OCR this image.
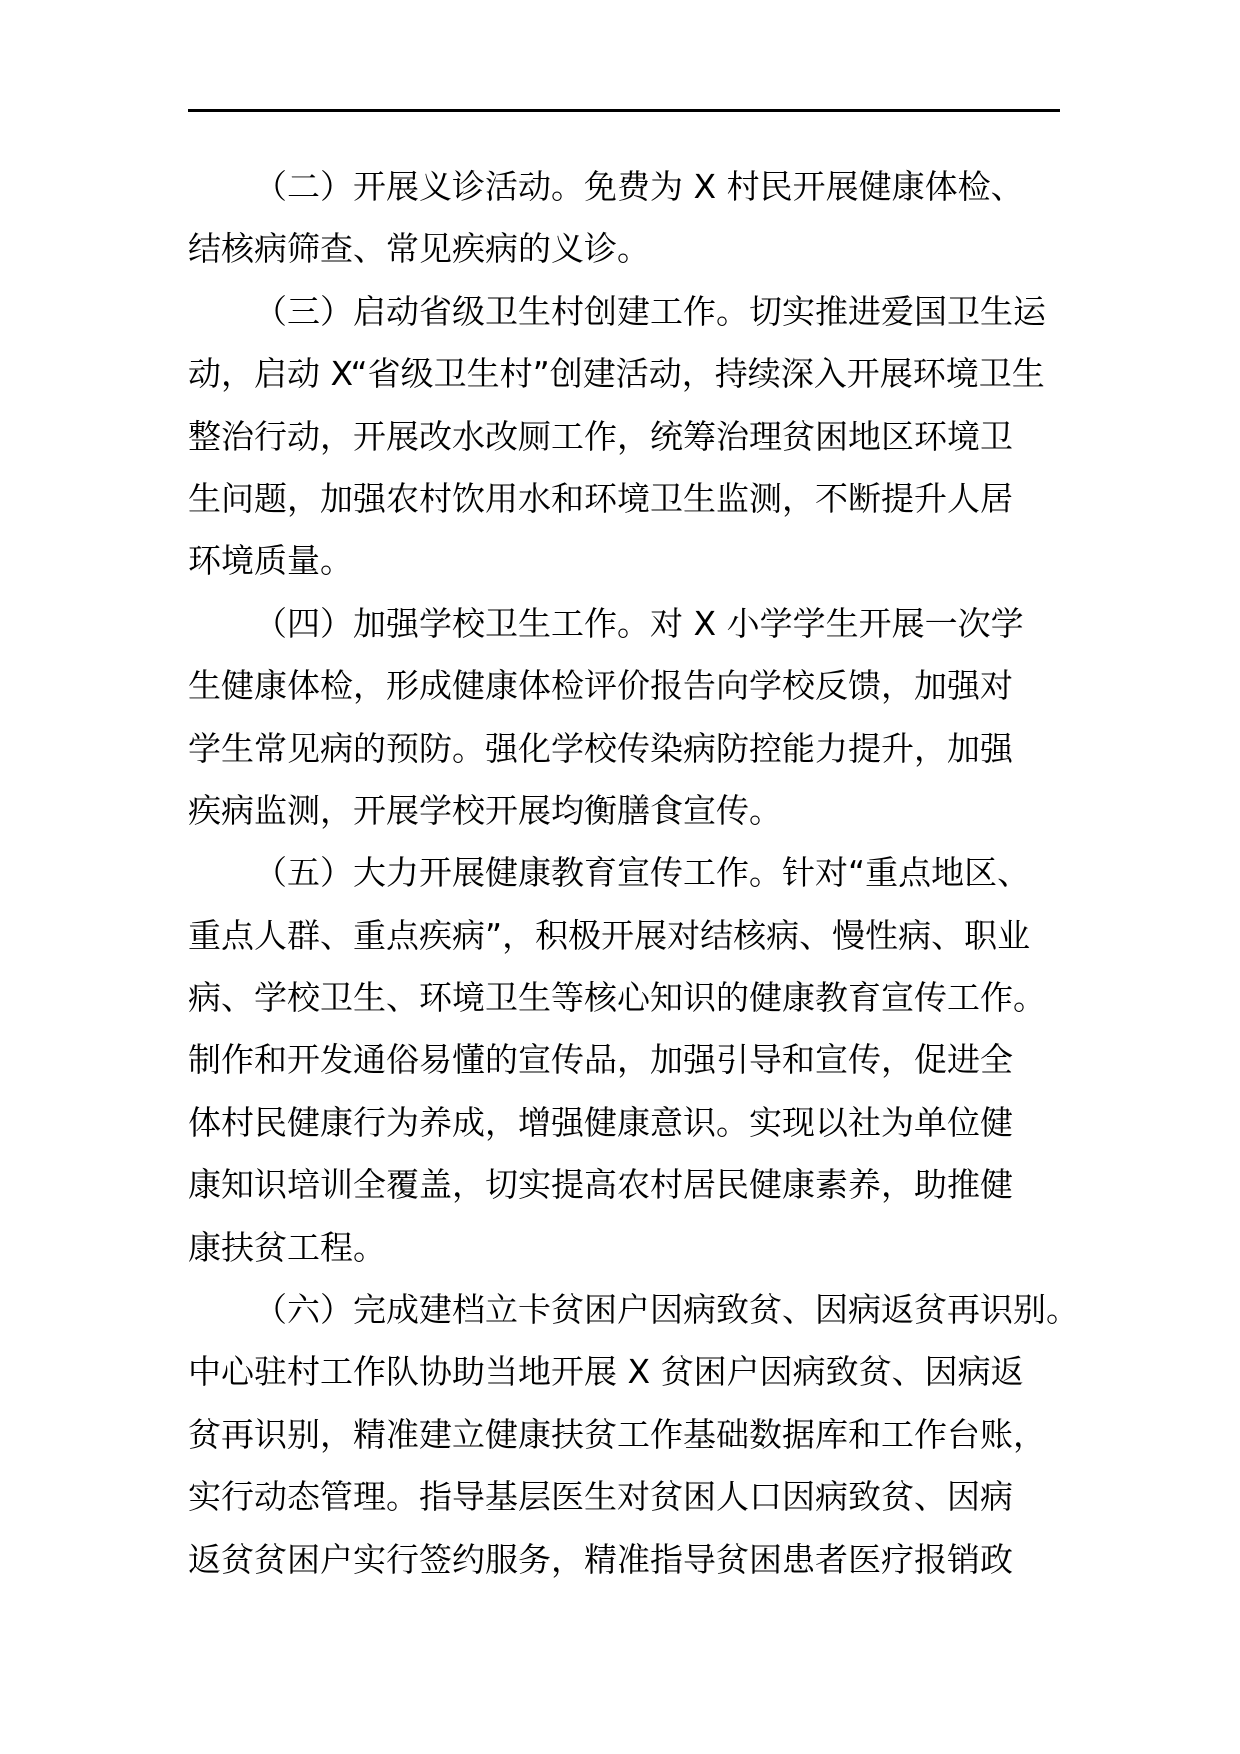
（二）开展义诊活动。免费为 X 村民开展健康体检、
结核病筛查、常见疾病的义诊。
（三）启动省级卫生村创建工作。切实推进爱国卫生运
动，启动 X“省级卫生村”创建活动，持续深入开展环境卫生
整治行动，开展改水改厕工作，统筹治理贫困地区环境卫
生问题，加强农村饮用水和环境卫生监测，不断提升人居
环境质量。
（四）加强学校卫生工作。对 X 小学学生开展一次学
生健康体检，形成健康体检评价报告向学校反馈，加强对
学生常见病的预防。强化学校传染病防控能力提升，加强
疾病监测，开展学校开展均衡膳食宣传。
（五）大力开展健康教育宣传工作。针对“重点地区、
重点人群、重点疾病”，积极开展对结核病、慢性病、职业
病、学校卫生、环境卫生等核心知识的健康教育宣传工作。
制作和开发通俗易懂的宣传品，加强引导和宣传，促进全
体村民健康行为养成，增强健康意识。实现以社为单位健
康知识培训全覆盖，切实提高农村居民健康素养，助推健
康扶贫工程。
（六）完成建档立卡贫困户因病致贫、因病返贫再识别。
中心驻村工作队协助当地开展 X 贫困户因病致贫、因病返
贫再识别，精准建立健康扶贫工作基础数据库和工作台账，
实行动态管理。指导基层医生对贫困人口因病致贫、因病
返贫贫困户实行签约服务，精准指导贫困患者医疗报销政
